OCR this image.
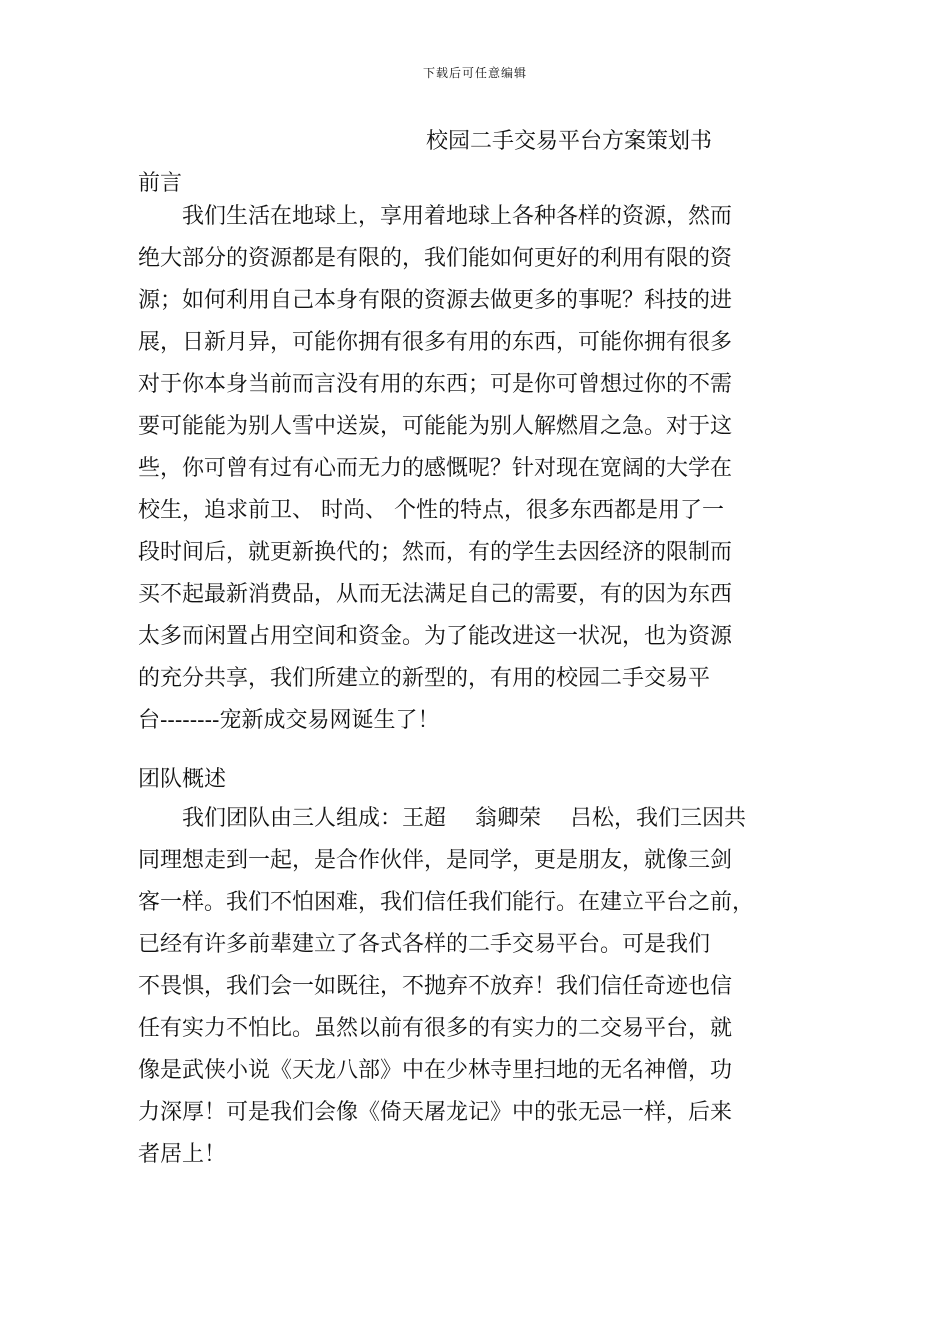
下载后可任意编辑
校园二手交易平台方案策划书
前言
　　我们生活在地球上，享用着地球上各种各样的资源，然而
绝大部分的资源都是有限的，我们能如何更好的利用有限的资
源；如何利用自己本身有限的资源去做更多的事呢？科技的进
展，日新月异，可能你拥有很多有用的东西，可能你拥有很多
对于你本身当前而言没有用的东西；可是你可曾想过你的不需
要可能能为别人雪中送炭，可能能为别人解燃眉之急。对于这
些，你可曾有过有心而无力的感慨呢？针对现在宽阔的大学在
校生，追求前卫、 时尚、 个性的特点，很多东西都是用了一
段时间后，就更新换代的；然而，有的学生去因经济的限制而
买不起最新消费品，从而无法满足自己的需要，有的因为东西
太多而闲置占用空间和资金。为了能改进这一状况，也为资源
的充分共享，我们所建立的新型的，有用的校园二手交易平
台--------宠新成交易网诞生了！
团队概述
　　我们团队由三人组成：王超　 翁卿荣　 吕松，我们三因共
同理想走到一起，是合作伙伴，是同学，更是朋友，就像三剑
客一样。我们不怕困难，我们信任我们能行。在建立平台之前，
已经有许多前辈建立了各式各样的二手交易平台。可是我们
不畏惧，我们会一如既往，不抛弃不放弃！我们信任奇迹也信
任有实力不怕比。虽然以前有很多的有实力的二交易平台，就
像是武侠小说《天龙八部》中在少林寺里扫地的无名神僧，功
力深厚！可是我们会像《倚天屠龙记》中的张无忌一样，后来
者居上！
